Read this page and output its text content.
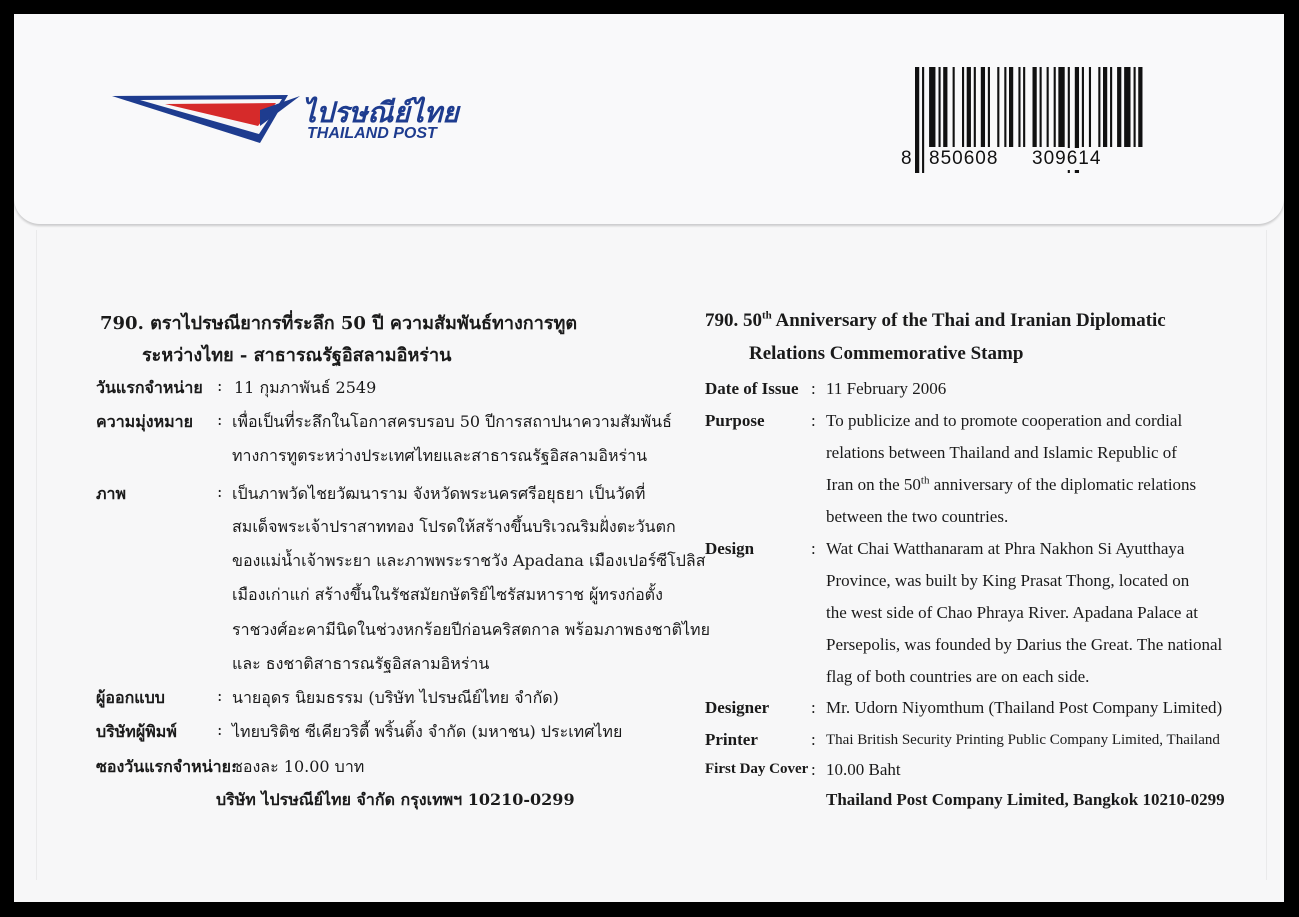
ไปรษณีย์ไทย
THAILAND POST
8 850608 309614
790. ตราไปรษณียากรที่ระลึก 50 ปี ความสัมพันธ์ทางการทูต
ระหว่างไทย - สาธารณรัฐอิสลามอิหร่าน
วันแรกจำหน่าย : 11 กุมภาพันธ์ 2549
ความมุ่งหมาย : เพื่อเป็นที่ระลึกในโอกาสครบรอบ 50 ปีการสถาปนาความสัมพันธ์
ทางการทูตระหว่างประเทศไทยและสาธารณรัฐอิสลามอิหร่าน
ภาพ	: เป็นภาพวัดไชยวัฒนาราม จังหวัดพระนครศรีอยุธยา เป็นวัดที่
สมเด็จพระเจ้าปราสาททอง โปรดให้สร้างขึ้นบริเวณริมฝั่งตะวันตก
ของแม่น้ำเจ้าพระยา และภาพพระราชวัง Apadana เมืองเปอร์ซีโปลิส
เมืองเก่าแก่ สร้างขึ้นในรัชสมัยกษัตริย์ไซรัสมหาราช ผู้ทรงก่อตั้ง
ราชวงศ์อะคามีนิดในช่วงหกร้อยปีก่อนคริสตกาล พร้อมภาพธงชาติไทย
และ ธงชาติสาธารณรัฐอิสลามอิหร่าน
ผู้ออกแบบ	: นายอุดร นิยมธรรม (บริษัท ไปรษณีย์ไทย จำกัด)
บริษัทผู้พิมพ์	: ไทยบริติช ซีเคียวริตี้ พริ้นติ้ง จำกัด (มหาชน) ประเทศไทย
ซองวันแรกจำหน่าย:
ซองละ 10.00 บาท
บริษัท ไปรษณีย์ไทย จำกัด กรุงเทพฯ 10210-0299
790. 50th Anniversary of the Thai and Iranian Diplomatic
Relations Commemorative Stamp
Date of Issue : 11 February 2006
Purpose	: To publicize and to promote cooperation and cordial
relations between Thailand and Islamic Republic of
Iran on the 50th anniversary of the diplomatic relations
between the two countries.
Design	: Wat Chai Watthanaram at Phra Nakhon Si Ayutthaya
Province, was built by King Prasat Thong, located on
the west side of Chao Phraya River. Apadana Palace at
Persepolis, was founded by Darius the Great. The national
flag of both countries are on each side.
Designer : Mr. Udorn Niyomthum (Thailand Post Company Limited)
Printer	: Thai British Security Printing Public Company Limited, Thailand
First Day Cover : 10.00 Baht
Thailand Post Company Limited, Bangkok 10210-0299
